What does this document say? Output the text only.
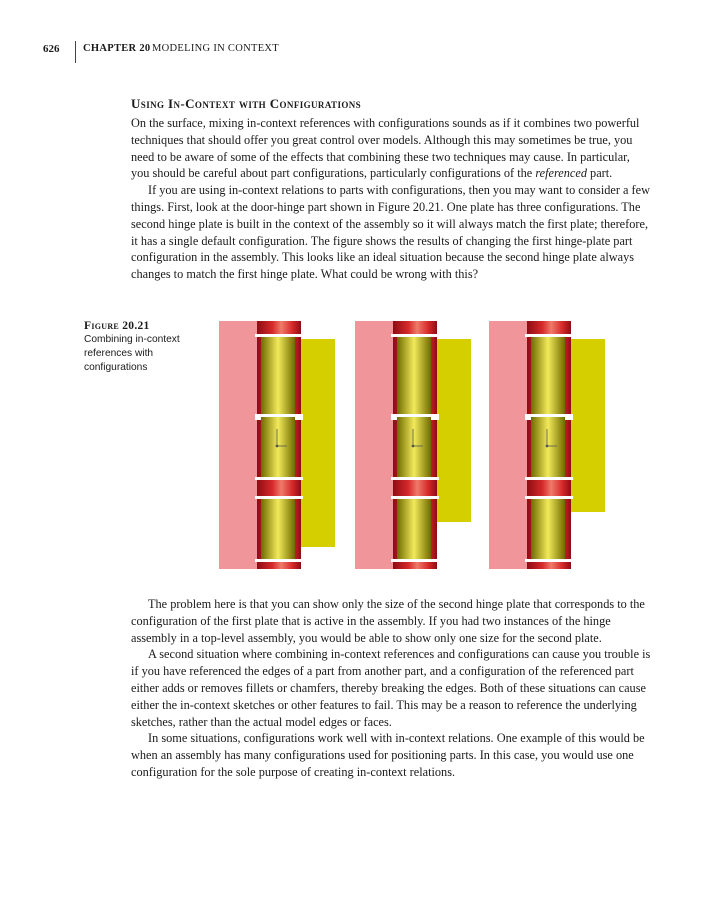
626 CHAPTER 20 MODELING IN CONTEXT
Using In-Context with Configurations

On the surface, mixing in-context references with configurations sounds as if it combines two powerful techniques that should offer you great control over models. Although this may sometimes be true, you need to be aware of some of the effects that combining these two techniques may cause. In particular, you should be careful about part configurations, particularly configurations of the referenced part.

If you are using in-context relations to parts with configurations, then you may want to consider a few things. First, look at the door-hinge part shown in Figure 20.21. One plate has three configurations. The second hinge plate is built in the context of the assembly so it will always match the first plate; therefore, it has a single default configuration. The figure shows the results of changing the first hinge-plate part configuration in the assembly. This looks like an ideal situation because the second hinge plate always changes to match the first hinge plate. What could be wrong with this?

Figure 20.21
Combining in-context references with configurations

The problem here is that you can show only the size of the second hinge plate that corresponds to the configuration of the first plate that is active in the assembly. If you had two instances of the hinge assembly in a top-level assembly, you would be able to show only one size for the second plate.

A second situation where combining in-context references and configurations can cause you trouble is if you have referenced the edges of a part from another part, and a configuration of the referenced part either adds or removes fillets or chamfers, thereby breaking the edges. Both of these situations can cause either the in-context sketches or other features to fail. This may be a reason to reference the underlying sketches, rather than the actual model edges or faces.

In some situations, configurations work well with in-context relations. One example of this would be when an assembly has many configurations used for positioning parts. In this case, you would use one configuration for the sole purpose of creating in-context relations.
